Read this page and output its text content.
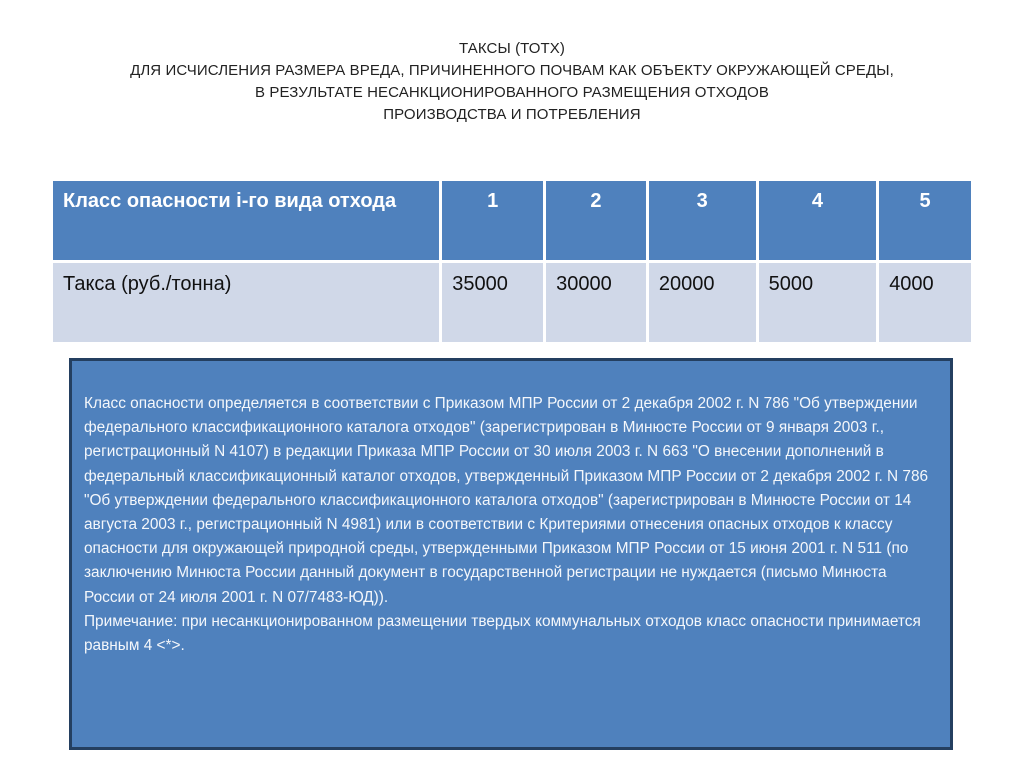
ТАКСЫ (ТОТХ)
ДЛЯ ИСЧИСЛЕНИЯ РАЗМЕРА ВРЕДА, ПРИЧИНЕННОГО ПОЧВАМ КАК ОБЪЕКТУ ОКРУЖАЮЩЕЙ СРЕДЫ,
В РЕЗУЛЬТАТЕ НЕСАНКЦИОНИРОВАННОГО РАЗМЕЩЕНИЯ ОТХОДОВ
ПРОИЗВОДСТВА И ПОТРЕБЛЕНИЯ
Класс опасности i-го вида отхода	1	2	3	4	5

Такса (руб./тонна)	35000	30000	20000	5000	4000

Класс опасности определяется в соответствии с Приказом МПР России от 2 декабря 2002 г. N 786 "Об утверждении федерального классификационного каталога отходов" (зарегистрирован в Минюсте России от 9 января 2003 г., регистрационный N 4107) в редакции Приказа МПР России от 30 июля 2003 г. N 663 "О внесении дополнений в федеральный классификационный каталог отходов, утвержденный Приказом МПР России от 2 декабря 2002 г. N 786 "Об утверждении федерального классификационного каталога отходов" (зарегистрирован в Минюсте России от 14 августа 2003 г., регистрационный N 4981) или в соответствии с Критериями отнесения опасных отходов к классу опасности для окружающей природной среды, утвержденными Приказом МПР России от 15 июня 2001 г. N 511 (по заключению Минюста России данный документ в государственной регистрации не нуждается (письмо Минюста России от 24 июля 2001 г. N 07/7483-ЮД)).

Примечание: при несанкционированном размещении твердых коммунальных отходов класс опасности принимается равным 4 <*>.
